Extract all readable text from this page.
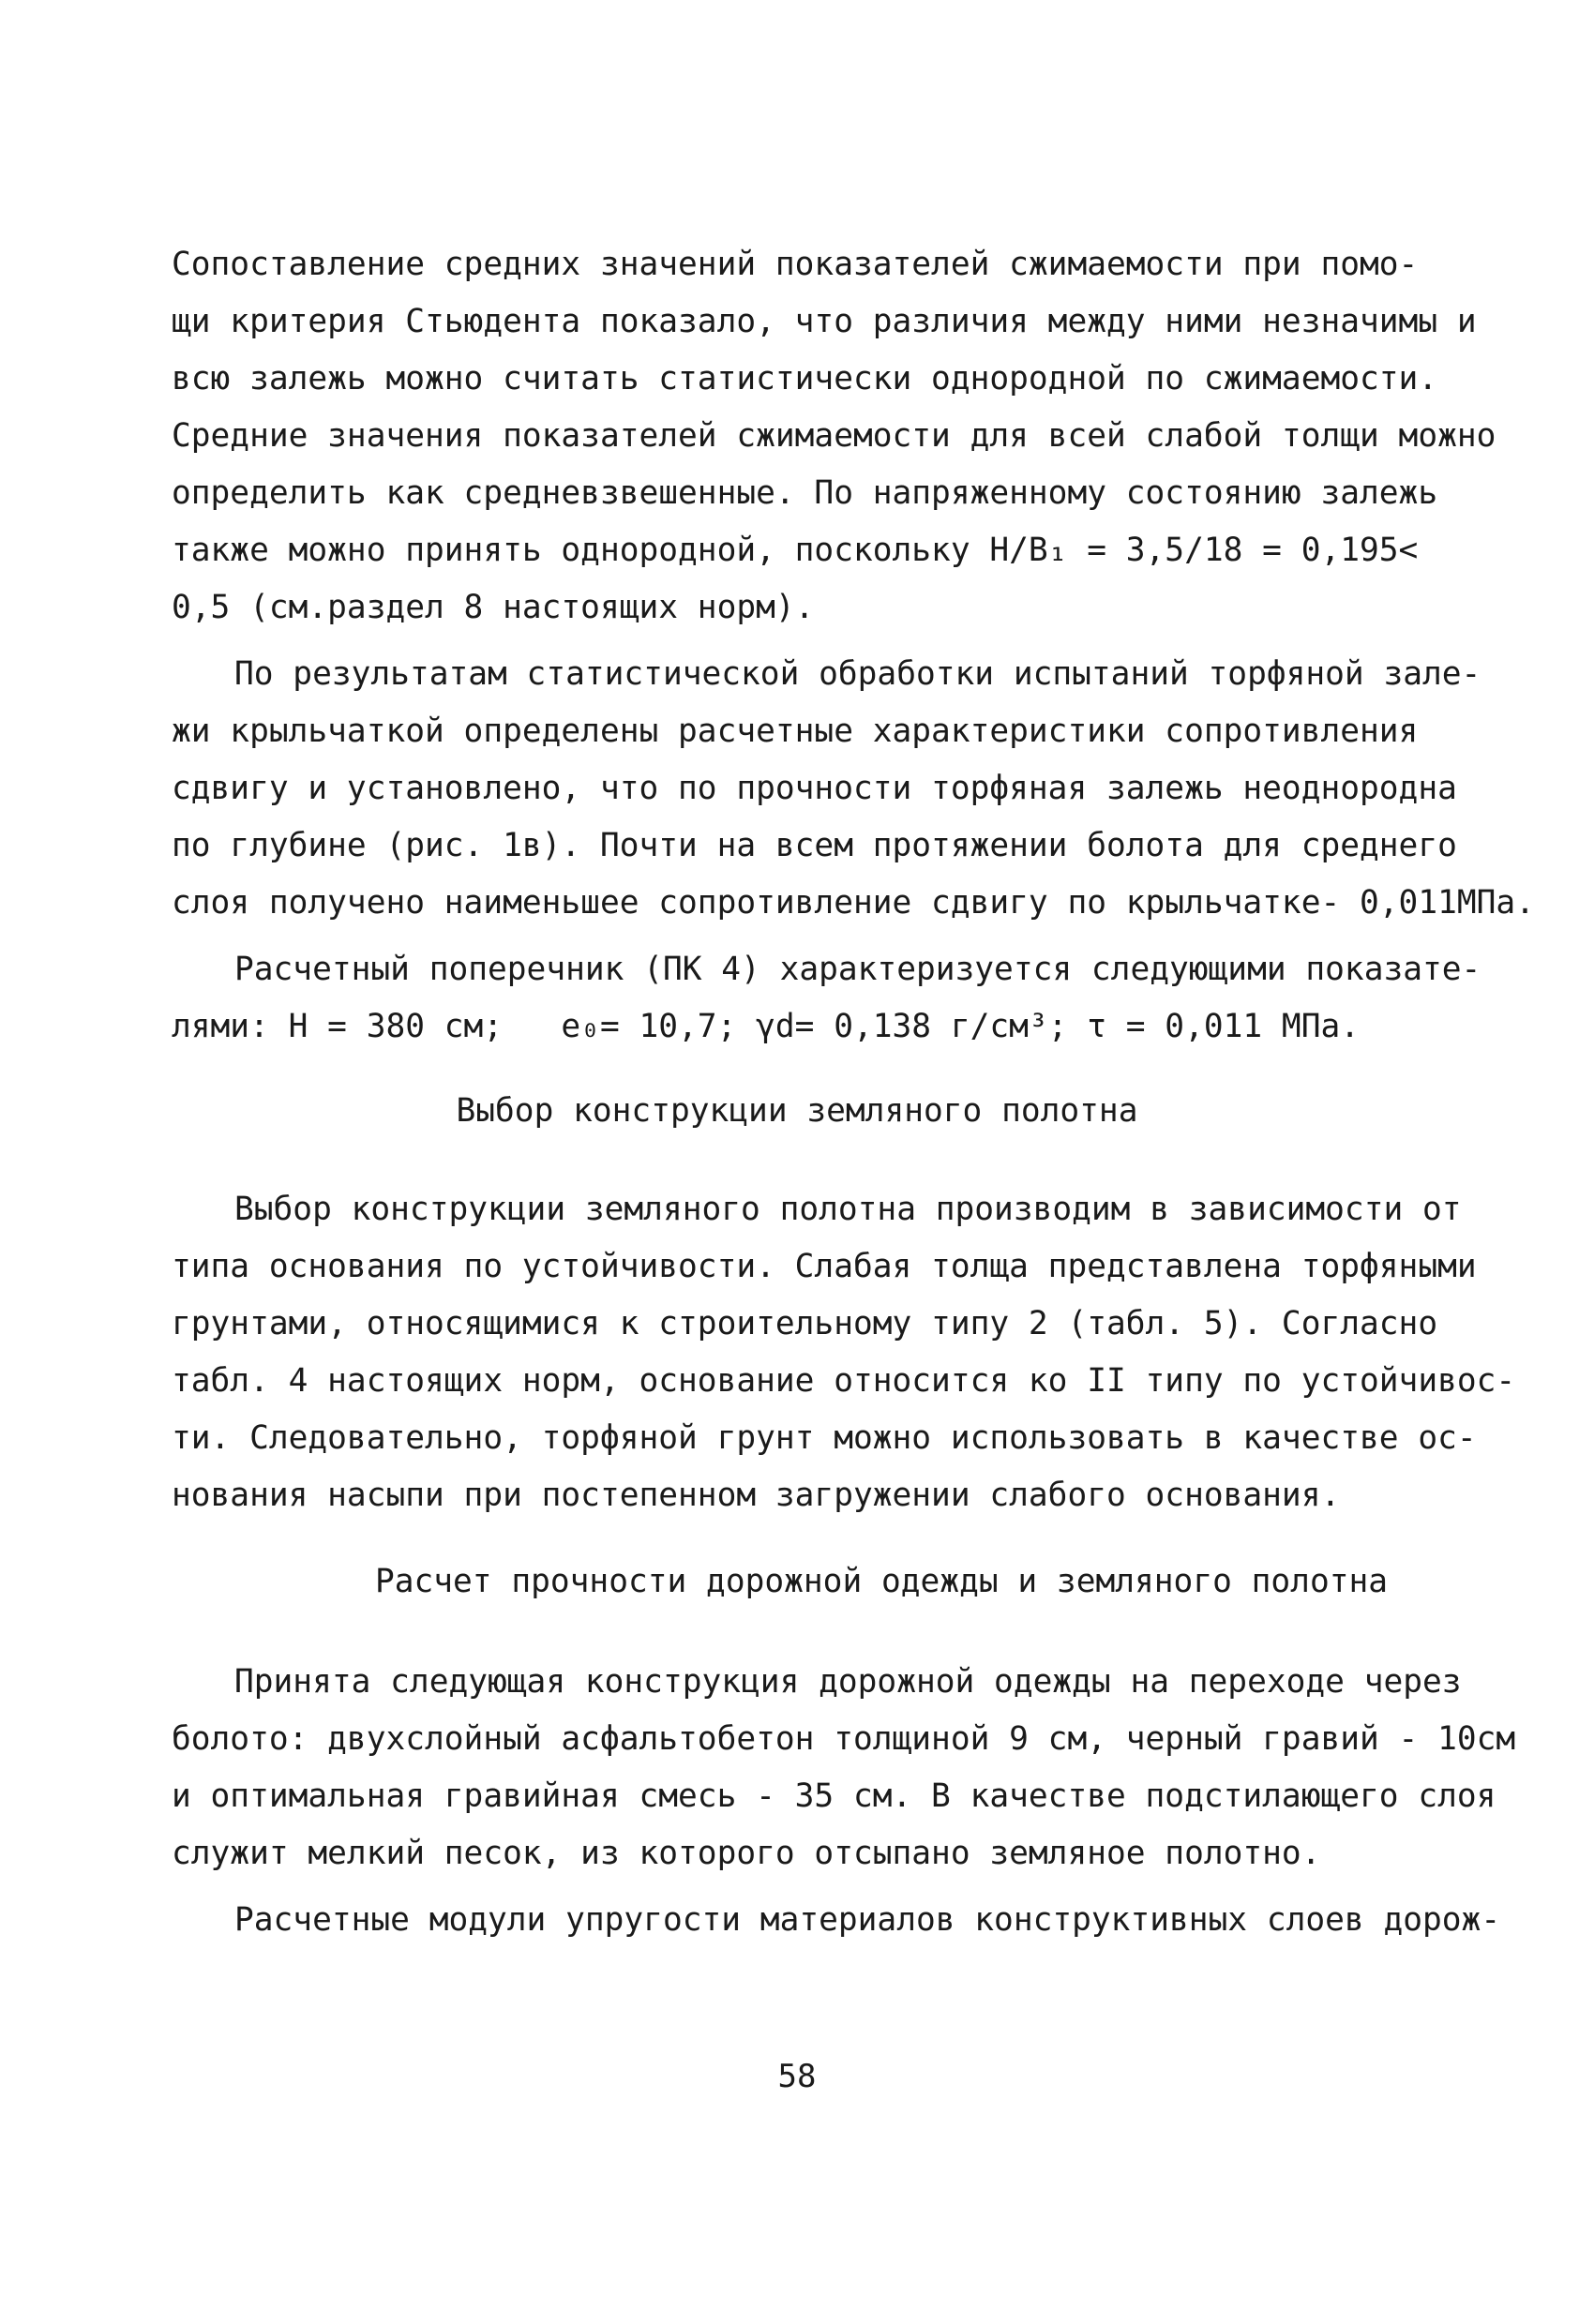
Сопоставление средних значений показателей сжимаемости при помо-
щи критерия Стьюдента показало, что различия между ними незначимы и
всю залежь можно считать статистически однородной по сжимаемости.
Средние значения показателей сжимаемости для всей слабой толщи можно
определить как средневзвешенные. По напряженному состоянию залежь
также можно принять однородной, поскольку H/B₁ = 3,5/18 = 0,195<
0,5 (см.раздел 8 настоящих норм).
По результатам статистической обработки испытаний торфяной зале-
жи крыльчаткой определены расчетные характеристики сопротивления
сдвигу и установлено, что по прочности торфяная залежь неоднородна
по глубине (рис. 1в). Почти на всем протяжении болота для среднего
слоя получено наименьшее сопротивление сдвигу по крыльчатке- 0,011МПа.
Расчетный поперечник (ПК 4) характеризуется следующими показате-
лями: H = 380 см;   e₀= 10,7; γd= 0,138 г/см³; τ = 0,011 МПа.
Выбор конструкции земляного полотна
Выбор конструкции земляного полотна производим в зависимости от
типа основания по устойчивости. Слабая толща представлена торфяными
грунтами, относящимися к строительному типу 2 (табл. 5). Согласно
табл. 4 настоящих норм, основание относится ко II типу по устойчивос-
ти. Следовательно, торфяной грунт можно использовать в качестве ос-
нования насыпи при постепенном загружении слабого основания.
Расчет прочности дорожной одежды и земляного полотна
Принята следующая конструкция дорожной одежды на переходе через
болото: двухслойный асфальтобетон толщиной 9 см, черный гравий - 10см
и оптимальная гравийная смесь - 35 см. В качестве подстилающего слоя
служит мелкий песок, из которого отсыпано земляное полотно.
Расчетные модули упругости материалов конструктивных слоев дорож-
58
